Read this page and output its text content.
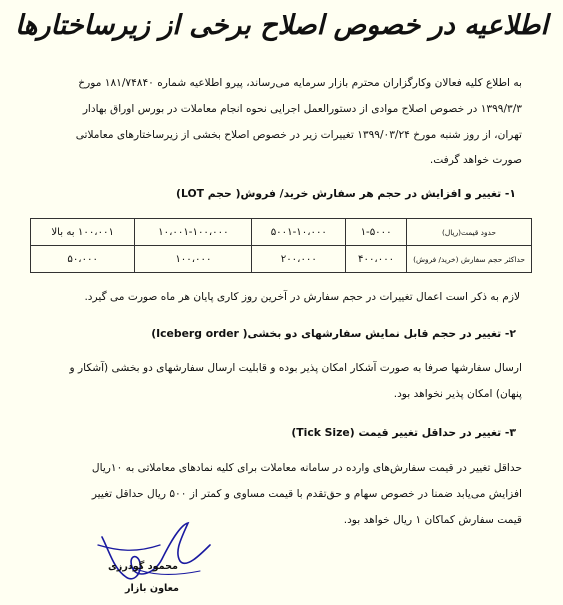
اطلاعیه در خصوص اصلاح برخی از زیرساختارها
به اطلاع کلیه فعالان وکارگزاران محترم بازار سرمایه می‌رساند، پیرو اطلاعیه شماره ۱۸۱/۷۴۸۴۰ مورخ
۱۳۹۹/۳/۳ در خصوص اصلاح موادی از دستورالعمل اجرایی نحوه انجام معاملات در بورس اوراق بهادار
تهران، از روز شنبه مورخ ۱۳۹۹/۰۳/۲۴ تغییرات زیر در خصوص اصلاح بخشی از زیرساختارهای معاملاتی
صورت خواهد گرفت.
۱- تغییر و افزایش در حجم هر سفارش خرید/ فروش( حجم LOT)
حدود قیمت(ریال)	۱-۵۰۰۰	۵۰۰۱-۱۰،۰۰۰	۱۰،۰۰۱-۱۰۰،۰۰۰	۱۰۰،۰۰۱ به بالا
حداکثر حجم سفارش (خرید/ فروش)	۴۰۰،۰۰۰	۲۰۰،۰۰۰	۱۰۰،۰۰۰	۵۰،۰۰۰
لازم به ذکر است اعمال تغییرات در حجم سفارش در آخرین روز کاری پایان هر ماه صورت می گیرد.
۲- تغییر در حجم قابل نمایش سفارشهای دو بخشی( Iceberg order)
ارسال سفارشها صرفا به صورت آشکار امکان پذیر بوده و قابلیت ارسال سفارشهای دو بخشی (آشکار و
پنهان) امکان پذیر نخواهد بود.
۳- تغییر در حداقل تغییر قیمت (Tick Size)
حداقل تغییر در قیمت سفارش‌های وارده در سامانه معاملات برای کلیه نمادهای معاملاتی به ۱۰ریال
افزایش می‌یابد ضمنا در خصوص سهام و حق‌تقدم با قیمت مساوی و کمتر از ۵۰۰ ریال حداقل تغییر
قیمت سفارش کماکان ۱ ریال خواهد بود.
محمود گودرزی
معاون بازار
